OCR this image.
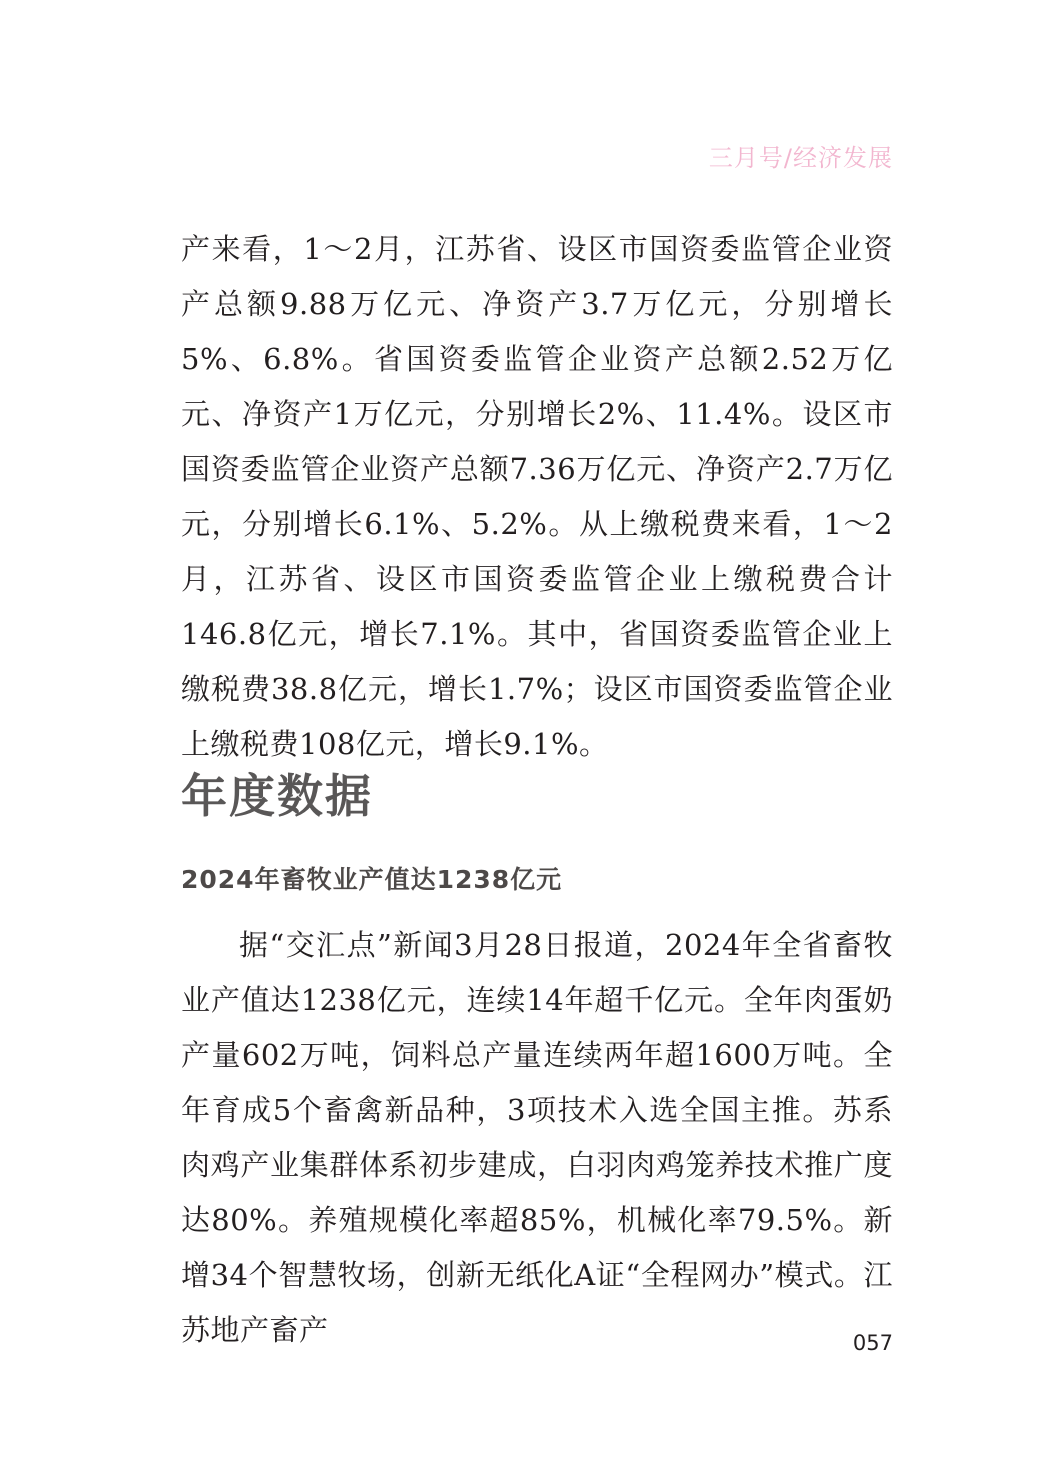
三月号/经济发展

产来看，1～2月，江苏省、设区市国资委监管企业资产总额9.88万亿元、净资产3.7万亿元，分别增长5%、6.8%。省国资委监管企业资产总额2.52万亿元、净资产1万亿元，分别增长2%、11.4%。设区市国资委监管企业资产总额7.36万亿元、净资产2.7万亿元，分别增长6.1%、5.2%。从上缴税费来看，1～2月，江苏省、设区市国资委监管企业上缴税费合计146.8亿元，增长7.1%。其中，省国资委监管企业上缴税费38.8亿元，增长1.7%；设区市国资委监管企业上缴税费108亿元，增长9.1%。

年度数据
2024年畜牧业产值达1238亿元

据“交汇点”新闻3月28日报道，2024年全省畜牧业产值达1238亿元，连续14年超千亿元。全年肉蛋奶产量602万吨，饲料总产量连续两年超1600万吨。全年育成5个畜禽新品种，3项技术入选全国主推。苏系肉鸡产业集群体系初步建成，白羽肉鸡笼养技术推广度达80%。养殖规模化率超85%，机械化率79.5%。新增34个智慧牧场，创新无纸化A证“全程网办”模式。江苏地产畜产	057
